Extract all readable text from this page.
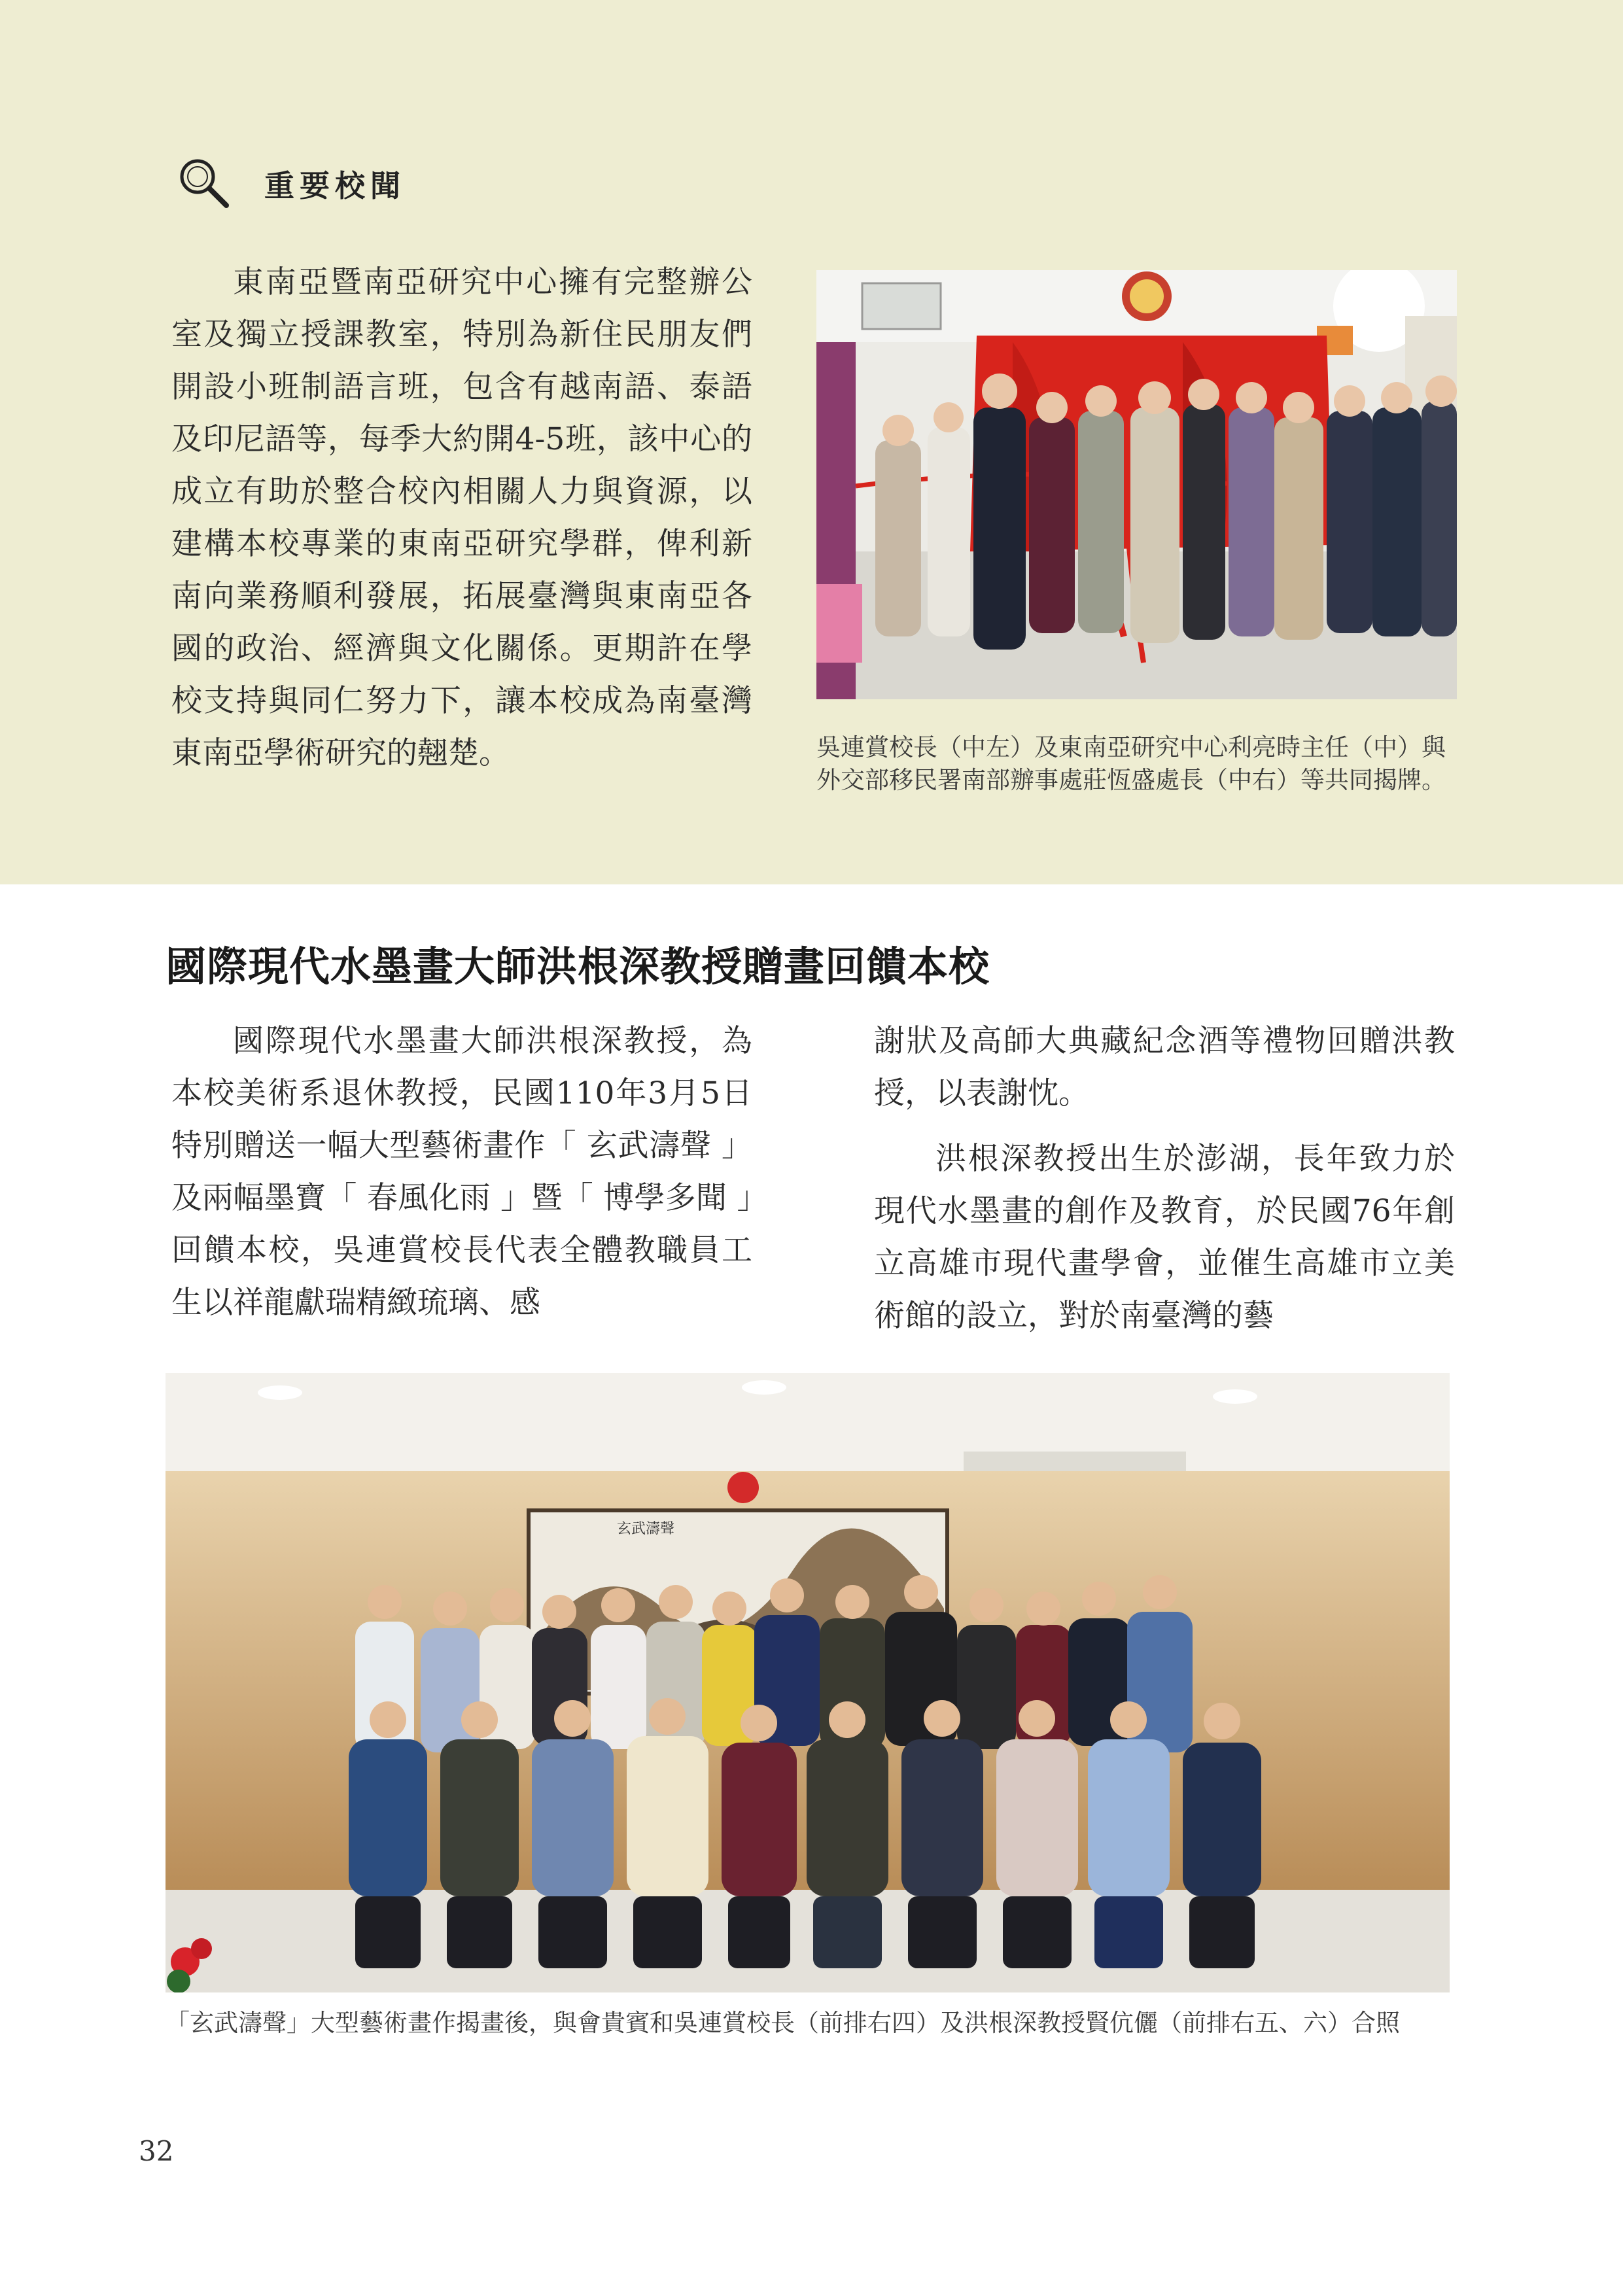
重要校聞

東南亞暨南亞研究中心擁有完整辦公室及獨立授課教室，特別為新住民朋友們開設小班制語言班，包含有越南語、泰語及印尼語等，每季大約開4-5班，該中心的成立有助於整合校內相關人力與資源，以建構本校專業的東南亞研究學群，俾利新南向業務順利發展，拓展臺灣與東南亞各國的政治、經濟與文化關係。更期許在學校支持與同仁努力下，讓本校成為南臺灣東南亞學術研究的翹楚。	吳連賞校長（中左）及東南亞研究中心利亮時主任（中）與外交部移民署南部辦事處莊恆盛處長（中右）等共同揭牌。

國際現代水墨畫大師洪根深教授贈畫回饋本校

國際現代水墨畫大師洪根深教授，為本校美術系退休教授，民國110年3月5日特別贈送一幅大型藝術畫作「 玄武濤聲 」及兩幅墨寶「 春風化雨 」暨「 博學多聞 」回饋本校，吳連賞校長代表全體教職員工生以祥龍獻瑞精緻琉璃、感

謝狀及高師大典藏紀念酒等禮物回贈洪教授，以表謝忱。

洪根深教授出生於澎湖，長年致力於現代水墨畫的創作及教育，於民國76年創立高雄市現代畫學會，並催生高雄市立美術館的設立，對於南臺灣的藝

玄武濤聲

「玄武濤聲」大型藝術畫作揭畫後，與會貴賓和吳連賞校長（前排右四）及洪根深教授賢伉儷（前排右五、六）合照

32
